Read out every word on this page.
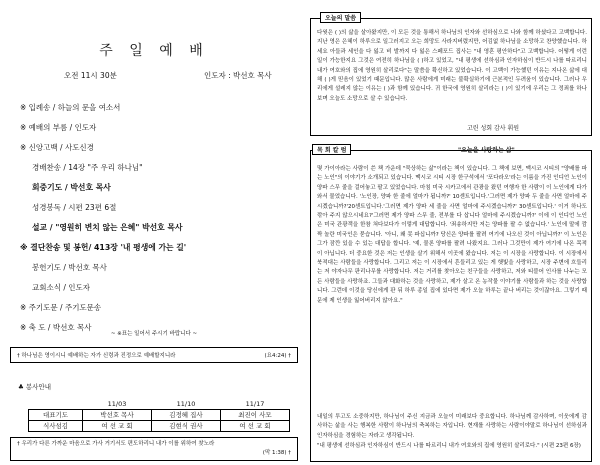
주 일 예 배
오전 11시 30분	인도자 : 박선호 목사
※ 입례송 / 하늘의 문을 여소서
※ 예배의 부름 / 인도자
※ 신앙고백 / 사도신경
경배찬송 / 14장 "주 우리 하나님"
회중기도 / 박선호 목사
성경봉독 / 시편 23편 6절
설교 / "영원히 변치 않는 은혜" 박선호 목사
※ 결단찬송 및 봉헌/ 413장 '내 평생에 가는 길'
봉헌기도 / 박선호 목사
교회소식 / 인도자
※ 주기도문 / 주기도문송
※ 축 도 / 박선호 목사
~ ※표는 일어서 주시기 바랍니다 ~
† 하나님은 영이시니 예배하는 자가 신령과 진정으로 예배할지니라	(요4:24) †
♣ 봉사안내
	11/03	11/10	11/17
대표기도	박선호 목사	김정혜 집사	최진이 사모
식사섬김	여 선 교 회	김현식 권사	여 선 교 회
† 우리가 다른 가까운 마음으로 가사 거기서도 편도하리니 내가 이를 위하여 찾노라
(막 1:38) †
다윗은 ( )의 삶을 살아왔지만, 이 모든 것을 통해서 하나님의 인자와 선하심으로 나와 함께 하셨다고 고백합니다. 지난 영은 은혜이 하루으로 일그러지고 오는 희망도 사라지버렸지만, 어김없 하나님을 소망하고 찬양했습니다. 하세요 아들과 세인을 다 잃고 비 발까지 다 잃은 스페포드 집사는 "내 영혼 평안하다"고 고백합니다. 어떻게 이런 일이 가능한지요 그것은 여전히 하나님을 ( )하고 있었고, "내 평생에 선하심과 인자하심이 반드시 나를 따르리니 내가 여호와의 집에 영원히 살리로다"는 말씀을 확신하고 있었습니다. 이 고백이 가능했던 이유는 지나온 삶에 대해 ( )게 믿음이 있었기 때문입니다. 많은 사람에게 미래는 불확실하기에 근본적인 두려움이 있습니다. 그러나 우리에게 설레지 않는 이유는 ( )과 함께 있습니다. 귀 한국에 영원히 살리라는 ( )이 있기에 우리는 그 정죄를 하나보며 오늘도 소망으로 살 수 있습니다.
고린 성회 감사 휘원
오늘의 말씀
몇 가이아라는 사람이 쓴 책 가운데 "묵상하는 삶"이라는 책이 있습니다. 그 책에 보면, 맥시코 시티의 "양배를 파는 노인"의 이야기가 소개되고 있습니다. 맥시코 시티 시장 한구석에서 '포다라오'라는 이름을 가진 인디언 노인이 양파 스무 줄을 걸어놓고 팔고 있었습니다. 마침 미국 시카고에서 관광을 왔던 여행자 한 사람이 이 노인에게 다가와서 물었습니다. '노인장, 양파 한 줄에 얼마가 됩니까?' 10센트입니다.'그러면 제가 양파 두 줄을 사면 얼마에 주시겠습니까?'20센트입니다.'그러면 제가 양파 세 줄을 사면 얼마에 주시겠습니까?' 30센트입니다.' 이거 하나도 깎아 주지 않으시네요?'그러면 제가 양파 스무 줄, 전부를 다 삽니다 얼마에 주시겠습니까?' 이에 이 인디언 노인은 미국 관광객을 한참 쳐다보다가 이렇게 대답합니다. '죄송하지만 저는 양파를 팔 수 없습니다.' 노인에 말에 깜짝 놀란 미국인은 묻습니다. '아니, 왜 못 파십니까? 당신은 양파를 팔려 여기에 나오신 것이 아닙니까?' 이 노인은 그가 잠깐 있을 수 있는 대답을 합니다. '예, 물론 양파를 팔려 나왔지요. 그러나 그것만이 제가 여기에 나온 목적이 아닙니다. 더 중요한 것은 저는 인생을 살기 위해서 이곳에 왔습니다. 저는 이 시장을 사랑합니다. 이 시장에서 북적대는 사람들을 사랑합니다. 그리고 저는 이 시장에서 흔들리고 있는 게 햇빛을 사랑하고, 시장 주변에 흐들리는 저 야자나무 판리나무를 사랑합니다. 저는 거리를 찾아오는 친구들을 사랑하고, 저와 티블어 인사를 나누는 모든 사람들을 사랑하죠. 그들과 대화하는 것을 사랑하고, 제가 살고 온 농작물 이야기를 사람들과 하는 것을 사랑합니다. 그런데 이것을 당신에게 판 뒤 하루 종일 집에 있다면 제가 오늘 하루는 끝나 버리는 것이잖아요. 그렇기 때문에 제 인생을 잃어버리지 않아요."
내일의 투고도 소중하지만, 하나님이 주신 지금과 오늘이 미래보다 중요합니다. 하나님께 감사하며, 이웃에게 감사하는 삶을 사는 행복한 사람이 하나님의 축복하는 자입니다. 현재를 사랑하는 사람이야말로 하나님이 선하심과 인자하심을 경험하는 자라고 생각됩니다.
"내 평생에 선하심과 인자하심이 반드시 나를 따르리니 내가 여호와의 집에 영원히 살리로다." (시편 23편 6장)
목 회 칼 럼	"오늘을 사랑하는 삶"
